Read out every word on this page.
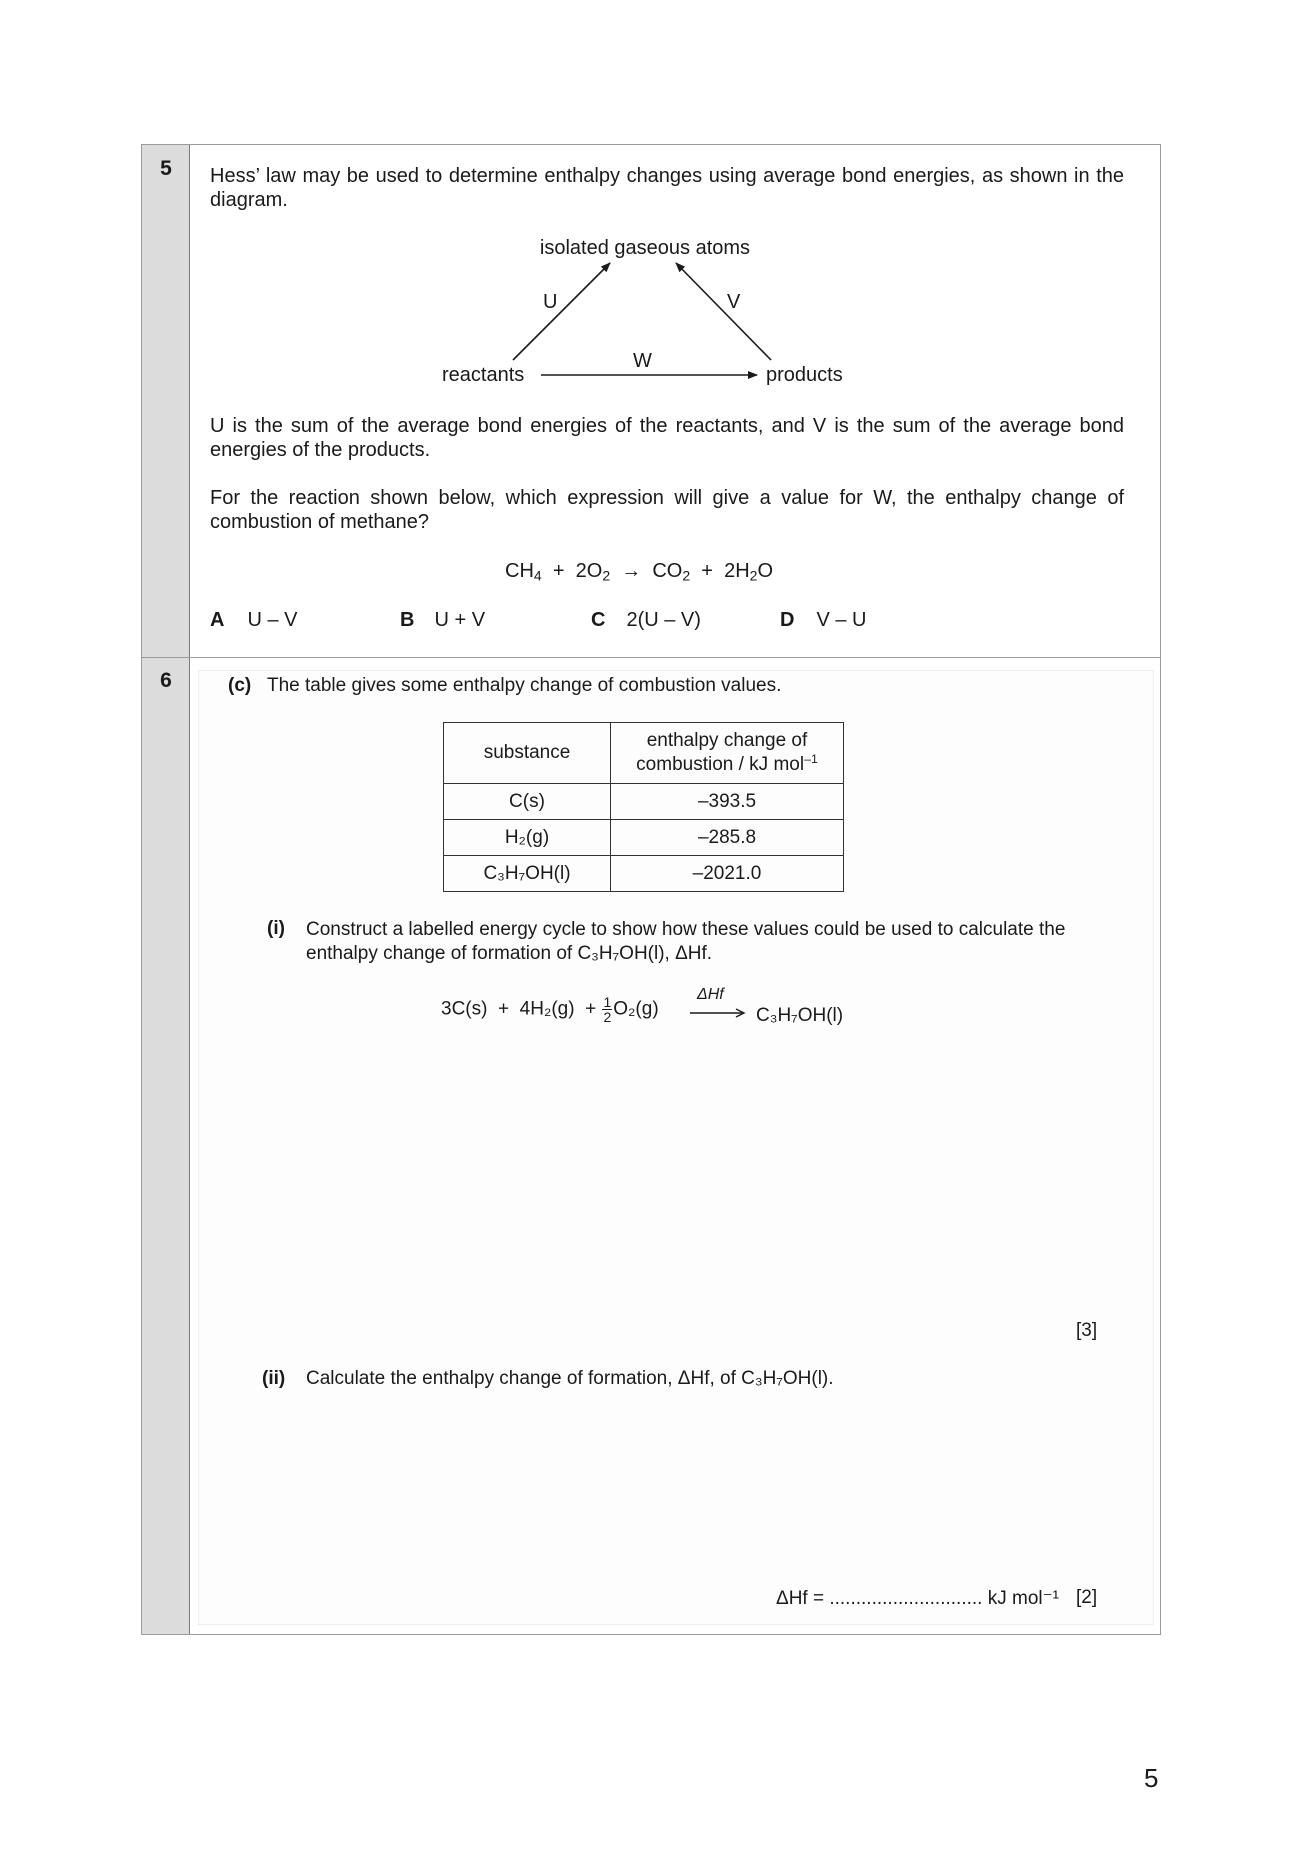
5
6
Hess’ law may be used to determine enthalpy changes using average bond energies, as shown in the diagram.
isolated gaseous atoms
U	V
W
reactants	products
U is the sum of the average bond energies of the reactants, and V is the sum of the average bond energies of the products.
For the reaction shown below, which expression will give a value for W, the enthalpy change of combustion of methane?
$CH_4 + 2O_2 \to CO_2 + 2H_2O$
A U – V	B U + V	C 2(U – V)	D V – U
(c) The table gives some enthalpy change of combustion values.
substance	enthalpy change of
combustion / kJ mol$^{-1}$
C(s)	–393.5
H₂(g)	–285.8
C₃H₇OH(l)	–2021.0
(i) Construct a labelled energy cycle to show how these values could be used to calculate the
enthalpy change of formation of C₃H₇OH(l), ΔHf.
$3C(s) + 4H_2(g) + \frac{1}{2} O_2(g)$
ΔHf
C₃H₇OH(l)
[3]
(ii) Calculate the enthalpy change of formation, ΔHf, of C₃H₇OH(l).
ΔHf = ............................. kJ mol⁻¹ [2]
5
